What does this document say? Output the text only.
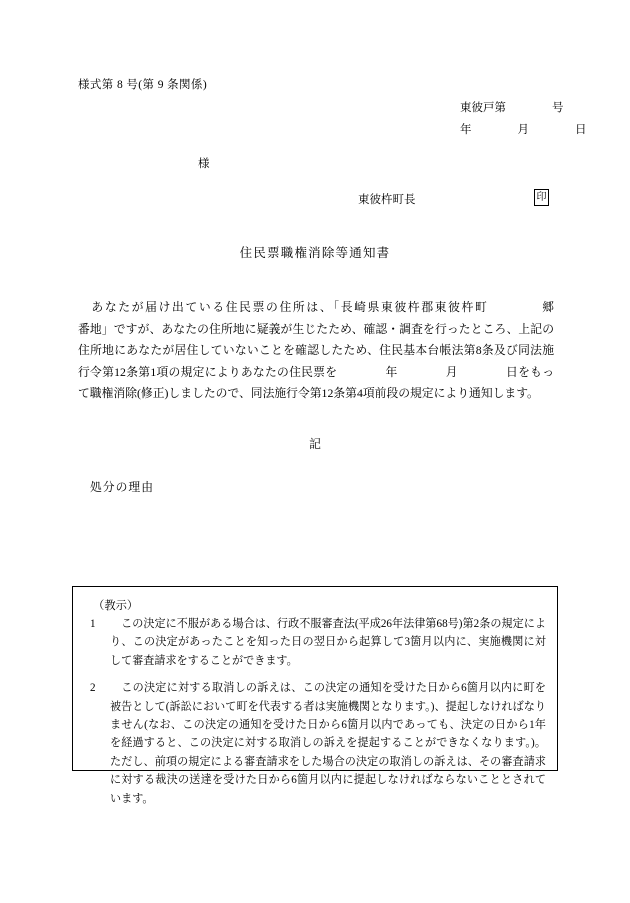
様式第 8 号(第 9 条関係)
東彼戸第　　　　号
年　　　　月　　　　日
様
東彼杵町長	印
住民票職権消除等通知書
　あなたが届け出ている住民票の住所は、「長崎県東彼杵郡東彼杵町　　　　郷　　　　番地」ですが、あなたの住所地に疑義が生じたため、確認・調査を行ったところ、上記の住所地にあなたが居住していないことを確認したため、住民基本台帳法第8条及び同法施行令第12条第1項の規定によりあなたの住民票を　　　　年　　　　月　　　　日をもって職権消除(修正)しましたので、同法施行令第12条第4項前段の規定により通知します。
記
処分の理由
（教示）
1	　この決定に不服がある場合は、行政不服審査法(平成26年法律第68号)第2条の規定により、この決定があったことを知った日の翌日から起算して3箇月以内に、実施機関に対して審査請求をすることができます。
2	　この決定に対する取消しの訴えは、この決定の通知を受けた日から6箇月以内に町を被告として(訴訟において町を代表する者は実施機関となります。)、提起しなければなりません(なお、この決定の通知を受けた日から6箇月以内であっても、決定の日から1年を経過すると、この決定に対する取消しの訴えを提起することができなくなります。)。ただし、前項の規定による審査請求をした場合の決定の取消しの訴えは、その審査請求に対する裁決の送達を受けた日から6箇月以内に提起しなければならないこととされています。
